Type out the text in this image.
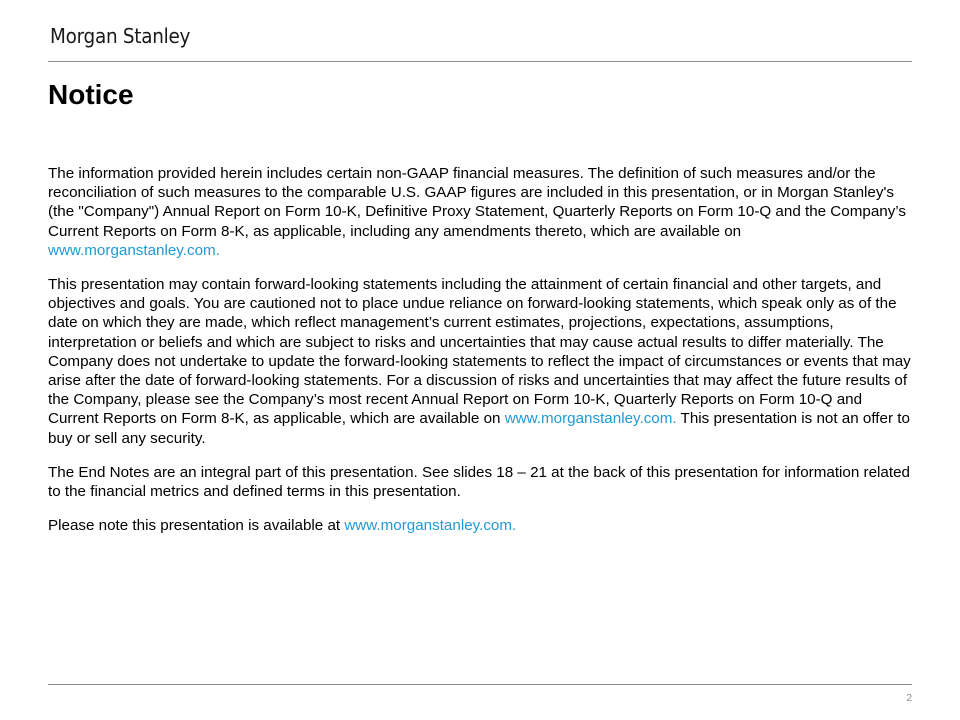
Morgan Stanley
Notice

The information provided herein includes certain non-GAAP financial measures. The definition of such measures and/or the reconciliation of such measures to the comparable U.S. GAAP figures are included in this presentation, or in Morgan Stanley's (the "Company") Annual Report on Form 10-K, Definitive Proxy Statement, Quarterly Reports on Form 10-Q and the Company’s Current Reports on Form 8-K, as applicable, including any amendments thereto, which are available on www.morganstanley.com.

This presentation may contain forward-looking statements including the attainment of certain financial and other targets, and objectives and goals. You are cautioned not to place undue reliance on forward-looking statements, which speak only as of the date on which they are made, which reflect management’s current estimates, projections, expectations, assumptions, interpretation or beliefs and which are subject to risks and uncertainties that may cause actual results to differ materially. The Company does not undertake to update the forward-looking statements to reflect the impact of circumstances or events that may arise after the date of forward-looking statements. For a discussion of risks and uncertainties that may affect the future results of the Company, please see the Company’s most recent Annual Report on Form 10-K, Quarterly Reports on Form 10-Q and Current Reports on Form 8-K, as applicable, which are available on www.morganstanley.com. This presentation is not an offer to buy or sell any security.

The End Notes are an integral part of this presentation. See slides 18 – 21 at the back of this presentation for information related to the financial metrics and defined terms in this presentation.

Please note this presentation is available at www.morganstanley.com.

2
